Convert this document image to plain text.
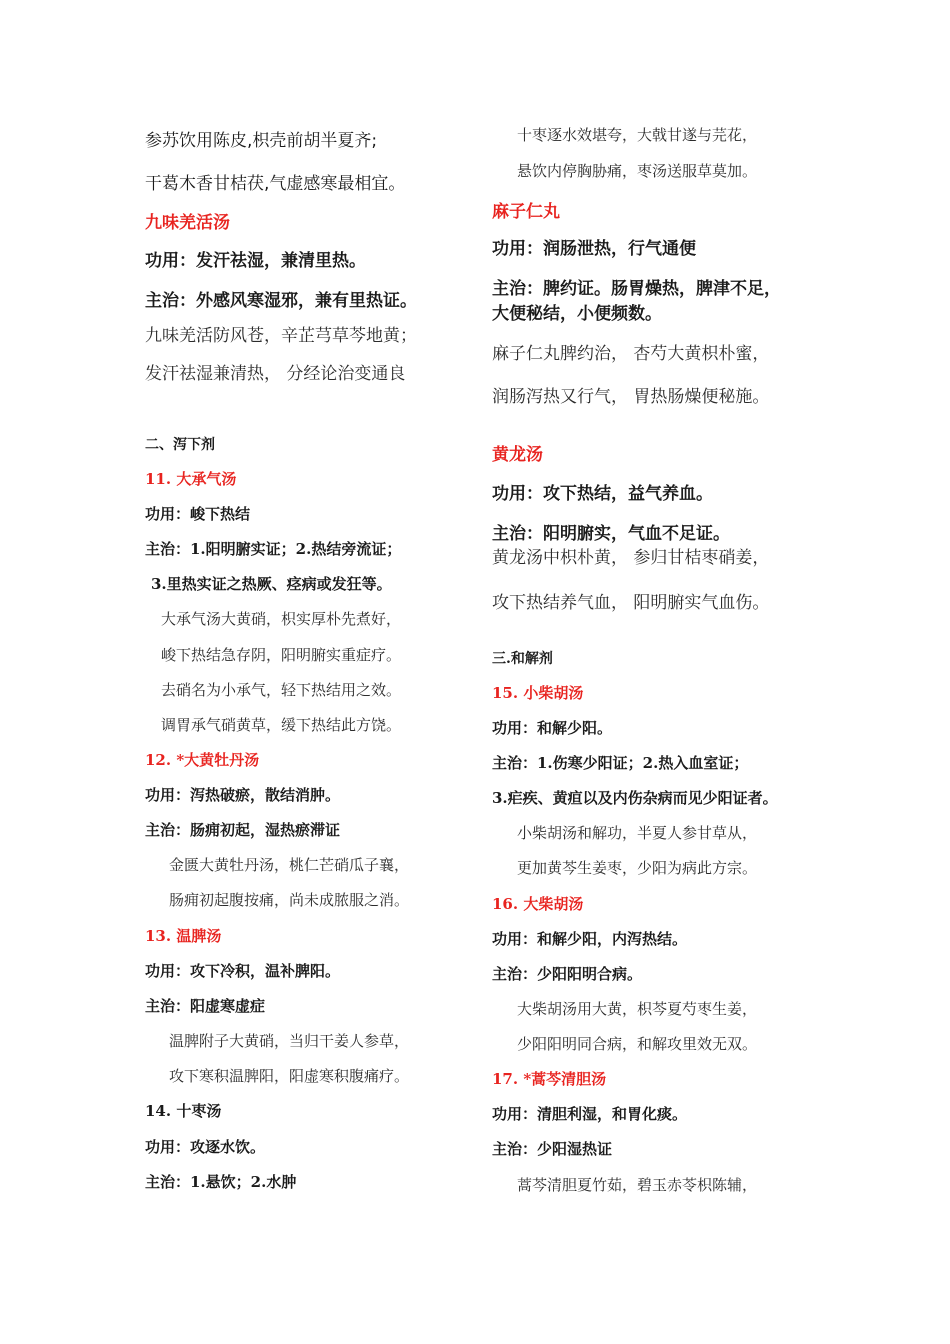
参苏饮用陈皮,枳壳前胡半夏齐;
干葛木香甘桔茯,气虚感寒最相宜。
九味羌活汤
功用：发汗祛湿，兼清里热。
主治：外感风寒湿邪，兼有里热证。
九味羌活防风苍，辛芷芎草芩地黄；
发汗祛湿兼清热， 分经论治变通良
二、泻下剂
11. 大承气汤
功用：峻下热结
主治：1.阳明腑实证；2.热结旁流证；
3.里热实证之热厥、痉病或发狂等。
大承气汤大黄硝，枳实厚朴先煮好，
峻下热结急存阴，阳明腑实重症疗。
去硝名为小承气，轻下热结用之效。
调胃承气硝黄草，缓下热结此方饶。
12. *大黄牡丹汤
功用：泻热破瘀，散结消肿。
主治：肠痈初起，湿热瘀滞证
金匮大黄牡丹汤，桃仁芒硝瓜子襄，
肠痈初起腹按痛，尚未成脓服之消。
13. 温脾汤
功用：攻下冷积，温补脾阳。
主治：阳虚寒虚症
温脾附子大黄硝，当归干姜人参草，
攻下寒积温脾阳，阳虚寒积腹痛疗。
14. 十枣汤
功用：攻逐水饮。
主治：1.悬饮；2.水肿
十枣逐水效堪夸，大戟甘遂与芫花，
悬饮内停胸胁痛，枣汤送服草莫加。
麻子仁丸
功用：润肠泄热，行气通便
主治：脾约证。肠胃燥热，脾津不足，
大便秘结，小便频数。
麻子仁丸脾约治， 杏芍大黄枳朴蜜，
润肠泻热又行气， 胃热肠燥便秘施。
黄龙汤
功用：攻下热结，益气养血。
主治：阳明腑实，气血不足证。
黄龙汤中枳朴黄， 参归甘桔枣硝姜，
攻下热结养气血， 阳明腑实气血伤。
三.和解剂
15. 小柴胡汤
功用：和解少阳。
主治：1.伤寒少阳证；2.热入血室证；
3.疟疾、黄疸以及内伤杂病而见少阳证者。
小柴胡汤和解功，半夏人参甘草从，
更加黄芩生姜枣，少阳为病此方宗。
16. 大柴胡汤
功用：和解少阳，内泻热结。
主治：少阳阳明合病。
大柴胡汤用大黄，枳芩夏芍枣生姜，
少阳阳明同合病，和解攻里效无双。
17. *蒿芩清胆汤
功用：清胆利湿，和胃化痰。
主治：少阳湿热证
蒿芩清胆夏竹茹，碧玉赤苓枳陈辅，
